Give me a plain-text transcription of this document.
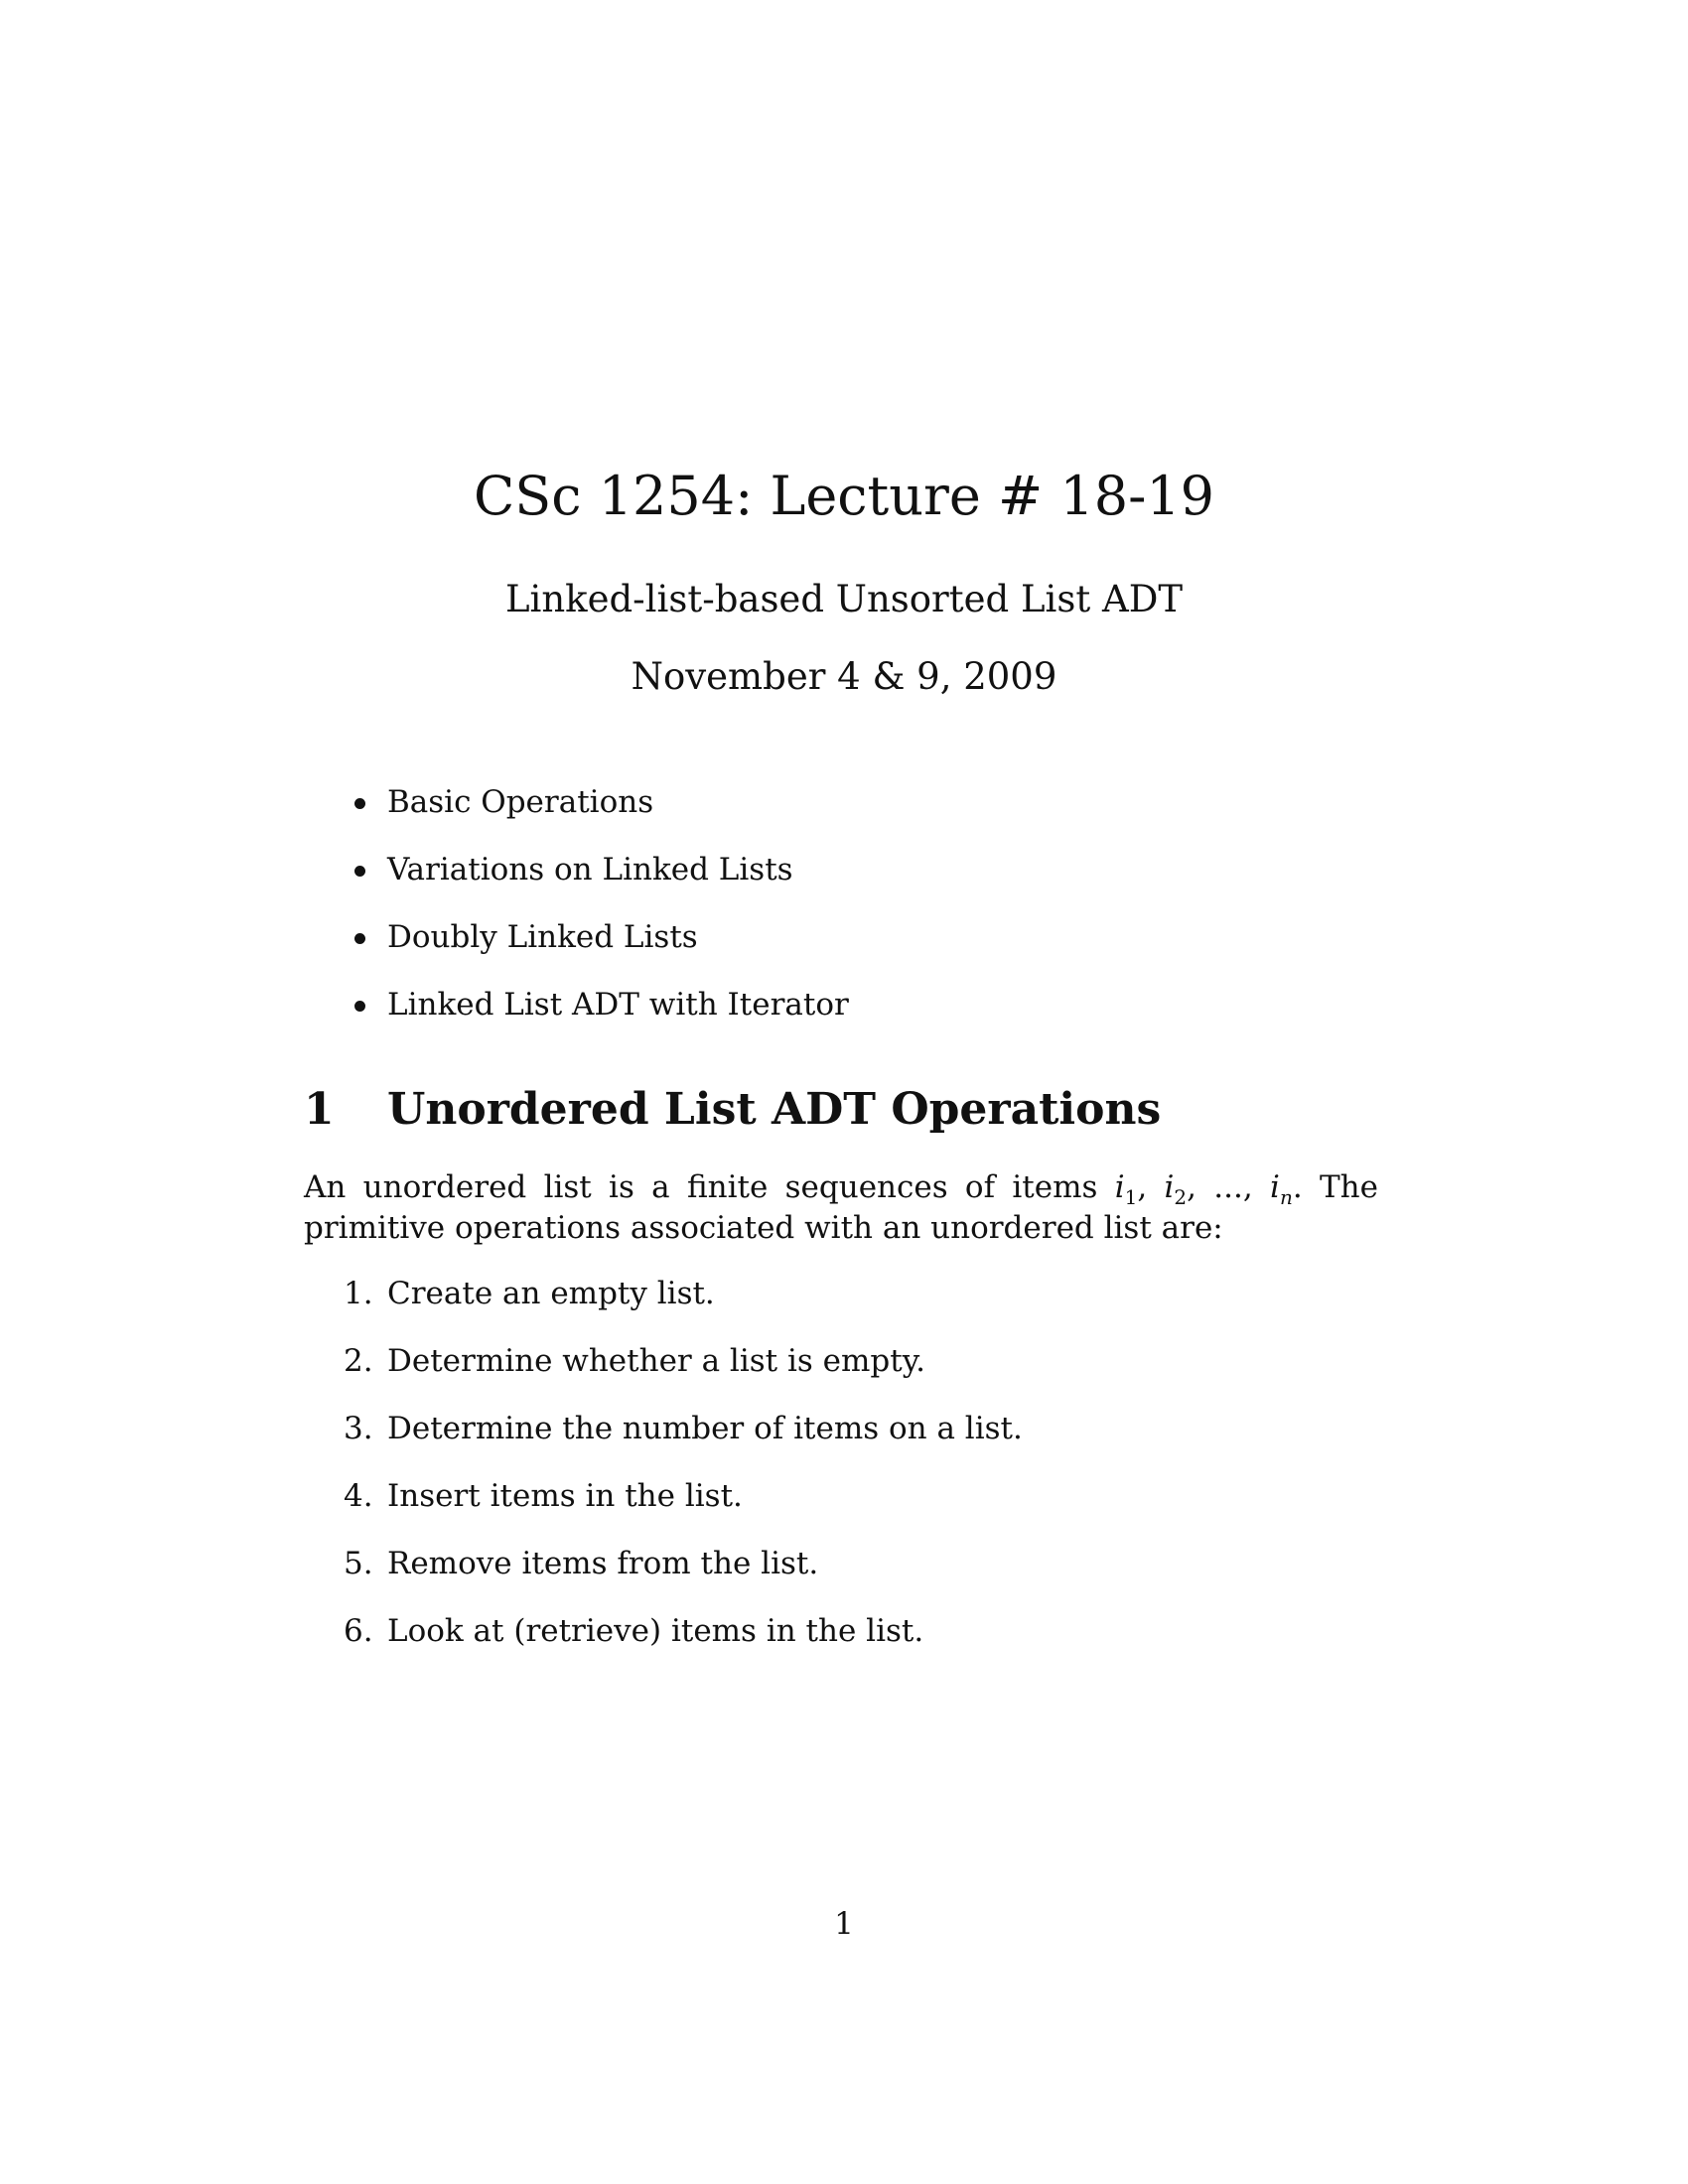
CSc 1254: Lecture # 18-19

Linked-list-based Unsorted List ADT

November 4 & 9, 2009

Basic Operations
Variations on Linked Lists
Doubly Linked Lists
Linked List ADT with Iterator
1 Unordered List ADT Operations

An unordered list is a finite sequences of items $i_1$, $i_2$, ..., $i_n$. The primitive operations associated with an unordered list are:

1. Create an empty list.
2. Determine whether a list is empty.
3. Determine the number of items on a list.
4. Insert items in the list.
5. Remove items from the list.
6. Look at (retrieve) items in the list.

1
